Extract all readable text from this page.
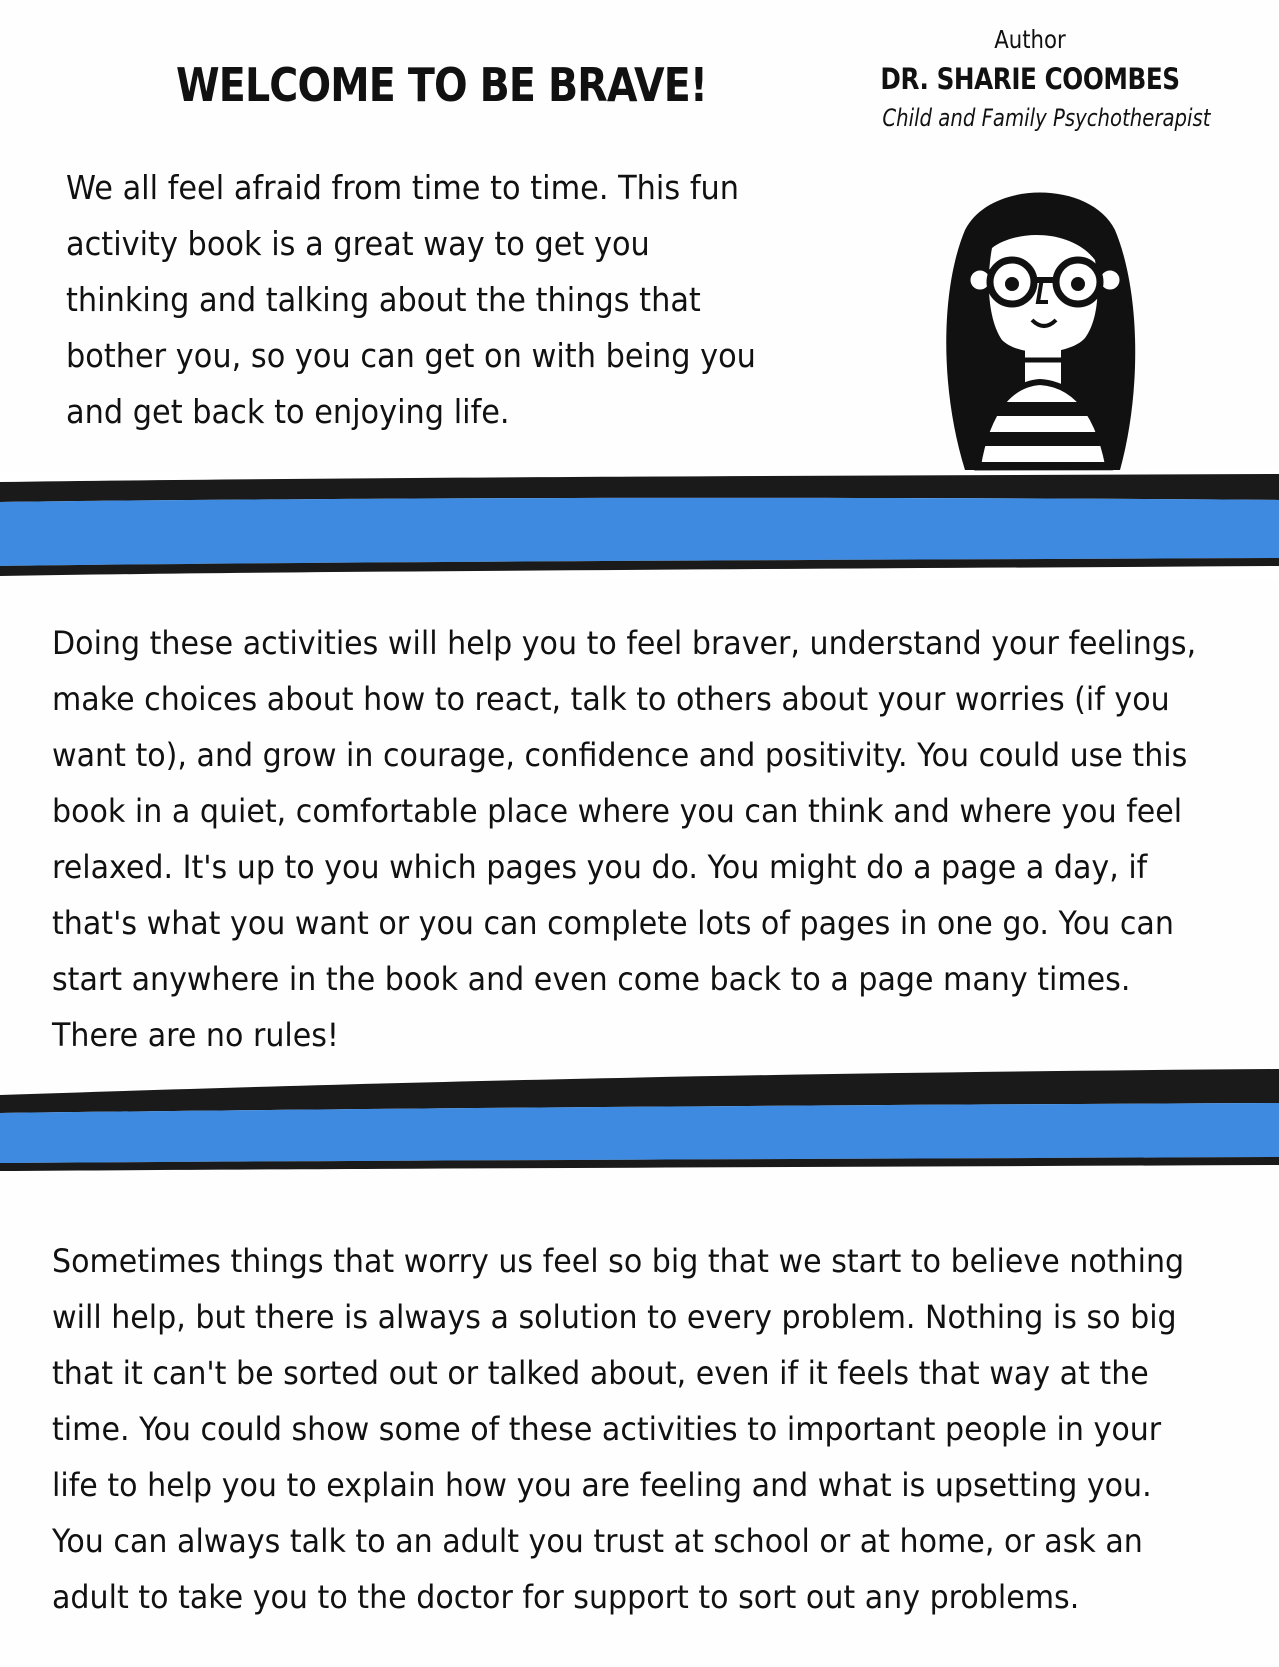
WELCOME TO BE BRAVE!
Author
DR. SHARIE COOMBES
Child and Family Psychotherapist

We all feel afraid from time to time. This fun activity book is a great way to get you thinking and talking about the things that bother you, so you can get on with being you and get back to enjoying life.

Doing these activities will help you to feel braver, understand your feelings, make choices about how to react, talk to others about your worries (if you want to), and grow in courage, confidence and positivity. You could use this book in a quiet, comfortable place where you can think and where you feel relaxed. It's up to you which pages you do. You might do a page a day, if that's what you want or you can complete lots of pages in one go. You can start anywhere in the book and even come back to a page many times. There are no rules!

Sometimes things that worry us feel so big that we start to believe nothing will help, but there is always a solution to every problem. Nothing is so big that it can't be sorted out or talked about, even if it feels that way at the time. You could show some of these activities to important people in your life to help you to explain how you are feeling and what is upsetting you. You can always talk to an adult you trust at school or at home, or ask an adult to take you to the doctor for support to sort out any problems.
